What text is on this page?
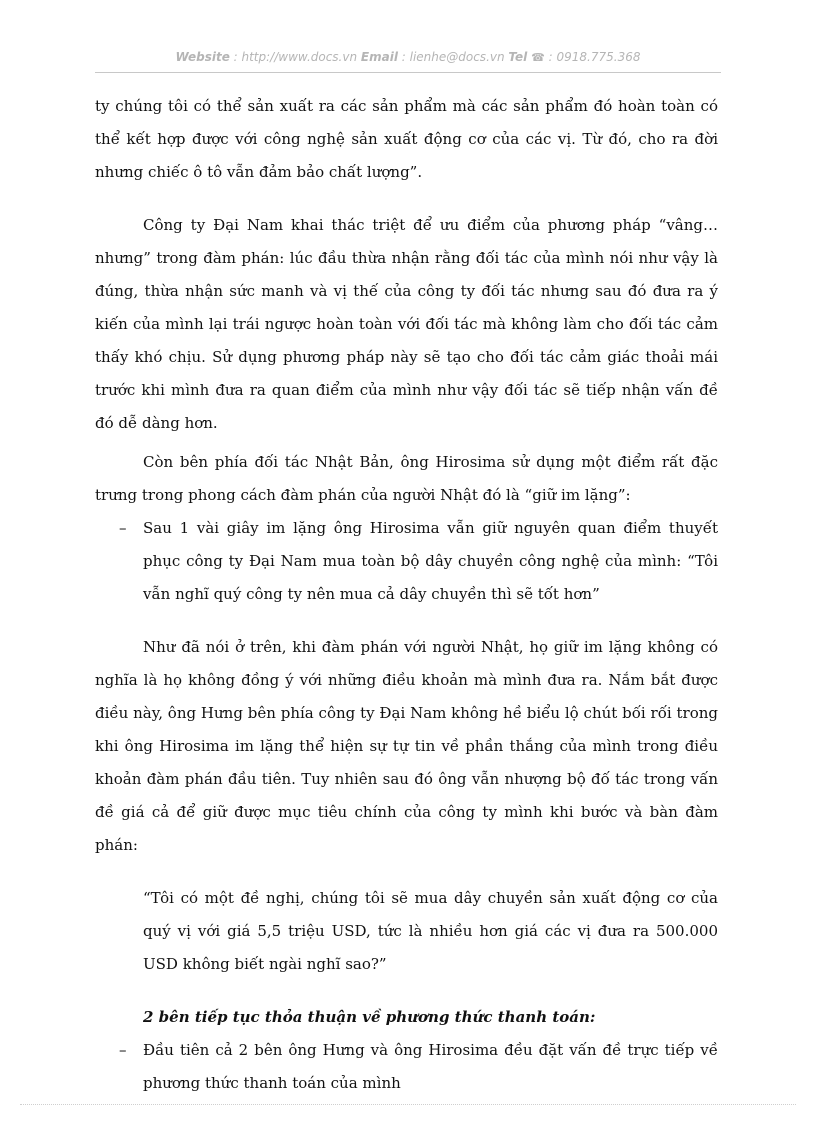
Website : http://www.docs.vn Email : lienhe@docs.vn Tel ☎ : 0918.775.368

ty chúng tôi có thể sản xuất ra các sản phẩm mà các sản phẩm đó hoàn toàn có thể kết hợp được với công nghệ sản xuất động cơ của các vị. Từ đó, cho ra đời nhưng chiếc ô tô vẫn đảm bảo chất lượng”.

Công ty Đại Nam khai thác triệt để ưu điểm của phương pháp “vâng… nhưng” trong đàm phán: lúc đầu thừa nhận rằng đối tác của mình nói như vậy là đúng, thừa nhận sức manh và vị thế của công ty đối tác nhưng sau đó đưa ra ý kiến của mình lại trái ngược hoàn toàn với đối tác mà không làm cho đối tác cảm thấy khó chịu. Sử dụng phương pháp này sẽ tạo cho đối tác cảm giác thoải mái trước khi mình đưa ra quan điểm của mình như vậy đối tác sẽ tiếp nhận vấn đề đó dễ dàng hơn.

Còn bên phía đối tác Nhật Bản, ông Hirosima sử dụng một điểm rất đặc trưng trong phong cách đàm phán của người Nhật đó là “giữ im lặng”:

–	Sau 1 vài giây im lặng ông Hirosima vẫn giữ nguyên quan điểm thuyết phục công ty Đại Nam mua toàn bộ dây chuyền công nghệ của mình: “Tôi vẫn nghĩ quý công ty nên mua cả dây chuyền thì sẽ tốt hơn”

Như đã nói ở trên, khi đàm phán với người Nhật, họ giữ im lặng không có nghĩa là họ không đồng ý với những điều khoản mà mình đưa ra. Nắm bắt được điều này, ông Hưng bên phía công ty Đại Nam không hề biểu lộ chút bối rối trong khi ông Hirosima im lặng thể hiện sự tự tin về phần thắng của mình trong điều khoản đàm phán đầu tiên. Tuy nhiên sau đó ông vẫn nhượng bộ đố tác trong vấn đề giá cả để giữ được mục tiêu chính của công ty mình khi bước và bàn đàm phán:

“Tôi có một đề nghị, chúng tôi sẽ mua dây chuyền sản xuất động cơ của quý vị với giá 5,5 triệu USD, tức là nhiều hơn giá các vị đưa ra 500.000 USD không biết ngài nghĩ sao?”

2 bên tiếp tục thỏa thuận về phương thức thanh toán:

–	Đầu tiên cả 2 bên ông Hưng và ông Hirosima đều đặt vấn đề trực tiếp về phương thức thanh toán của mình
